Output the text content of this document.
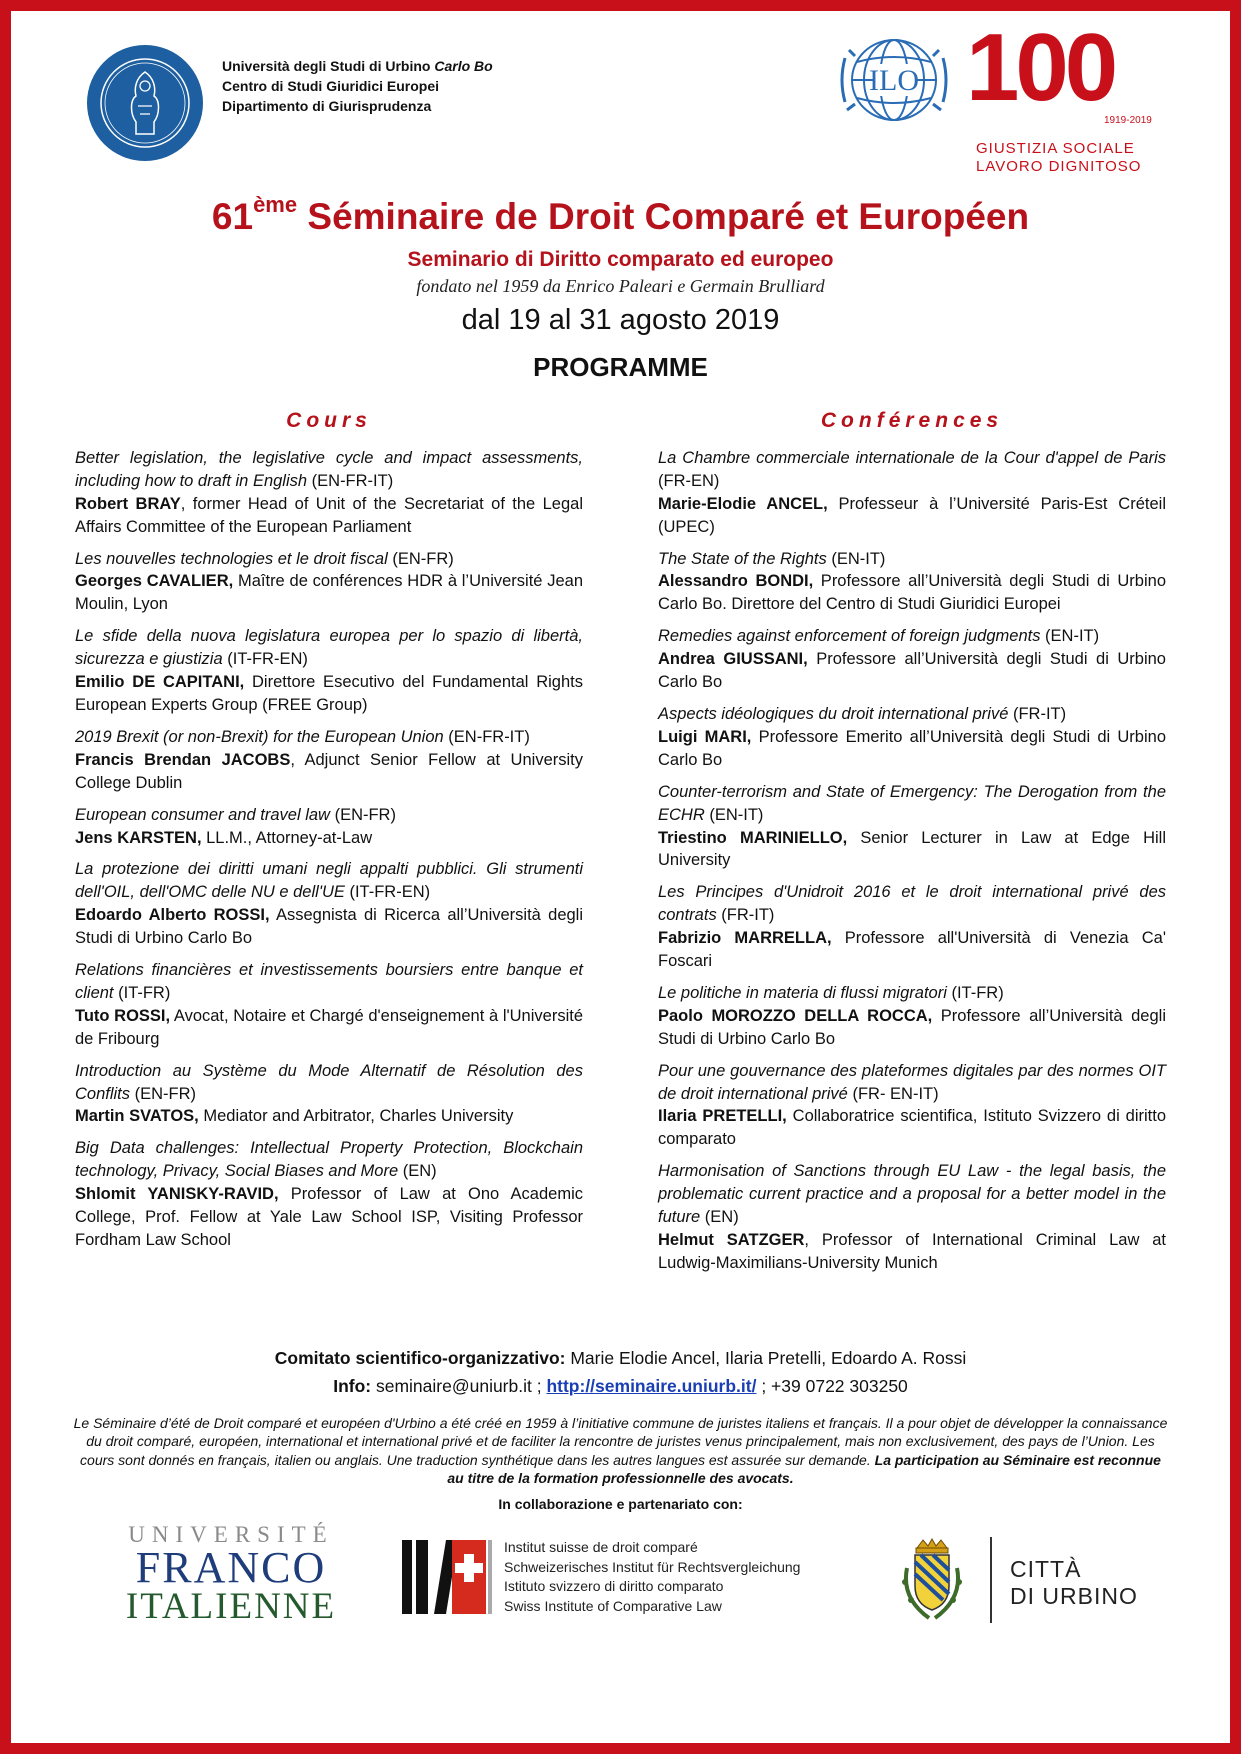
Università degli Studi di Urbino Carlo Bo
Centro di Studi Giuridici Europei
Dipartimento di Giurisprudenza
ILO 100
1919-2019
GIUSTIZIA SOCIALE
LAVORO DIGNITOSO
61ème Séminaire de Droit Comparé et Européen
Seminario di Diritto comparato ed europeo
fondato nel 1959 da Enrico Paleari e Germain Brulliard
dal 19 al 31 agosto 2019
PROGRAMME
Cours
Better legislation, the legislative cycle and impact assessments, including how to draft in English (EN-FR-IT)
Robert BRAY, former Head of Unit of the Secretariat of the Legal Affairs Committee of the European Parliament
Les nouvelles technologies et le droit fiscal (EN-FR)
Georges CAVALIER, Maître de conférences HDR à l’Université Jean Moulin, Lyon
Le sfide della nuova legislatura europea per lo spazio di libertà, sicurezza e giustizia (IT-FR-EN)
Emilio DE CAPITANI, Direttore Esecutivo del Fundamental Rights European Experts Group (FREE Group)
2019 Brexit (or non-Brexit) for the European Union (EN-FR-IT)
Francis Brendan JACOBS, Adjunct Senior Fellow at University College Dublin
European consumer and travel law (EN-FR)
Jens KARSTEN, LL.M., Attorney-at-Law
La protezione dei diritti umani negli appalti pubblici. Gli strumenti dell'OIL, dell'OMC delle NU e dell'UE (IT-FR-EN)
Edoardo Alberto ROSSI, Assegnista di Ricerca all’Università degli Studi di Urbino Carlo Bo
Relations financières et investissements boursiers entre banque et client (IT-FR)
Tuto ROSSI, Avocat, Notaire et Chargé d'enseignement à l'Université de Fribourg
Introduction au Système du Mode Alternatif de Résolution des Conflits (EN-FR)
Martin SVATOS, Mediator and Arbitrator, Charles University
Big Data challenges: Intellectual Property Protection, Blockchain technology, Privacy, Social Biases and More (EN)
Shlomit YANISKY-RAVID, Professor of Law at Ono Academic College, Prof. Fellow at Yale Law School ISP, Visiting Professor Fordham Law School
Conférences
La Chambre commerciale internationale de la Cour d'appel de Paris (FR-EN)
Marie-Elodie ANCEL, Professeur à l’Université Paris-Est Créteil (UPEC)
The State of the Rights (EN-IT)
Alessandro BONDI, Professore all’Università degli Studi di Urbino Carlo Bo. Direttore del Centro di Studi Giuridici Europei
Remedies against enforcement of foreign judgments (EN-IT)
Andrea GIUSSANI, Professore all’Università degli Studi di Urbino Carlo Bo
Aspects idéologiques du droit international privé (FR-IT)
Luigi MARI, Professore Emerito all’Università degli Studi di Urbino Carlo Bo
Counter-terrorism and State of Emergency: The Derogation from the ECHR (EN-IT)
Triestino MARINIELLO, Senior Lecturer in Law at Edge Hill University
Les Principes d'Unidroit 2016 et le droit international privé des contrats (FR-IT)
Fabrizio MARRELLA, Professore all'Università di Venezia Ca' Foscari
Le politiche in materia di flussi migratori (IT-FR)
Paolo MOROZZO DELLA ROCCA, Professore all’Università degli Studi di Urbino Carlo Bo
Pour une gouvernance des plateformes digitales par des normes OIT de droit international privé (FR- EN-IT)
Ilaria PRETELLI, Collaboratrice scientifica, Istituto Svizzero di diritto comparato
Harmonisation of Sanctions through EU Law - the legal basis, the problematic current practice and a proposal for a better model in the future (EN)
Helmut SATZGER, Professor of International Criminal Law at Ludwig-Maximilians-University Munich
Comitato scientifico-organizzativo: Marie Elodie Ancel, Ilaria Pretelli, Edoardo A. Rossi
Info: seminaire@uniurb.it ; http://seminaire.uniurb.it/ ; +39 0722 303250
Le Séminaire d’été de Droit comparé et européen d'Urbino a été créé en 1959 à l’initiative commune de juristes italiens et français. Il a pour objet de développer la connaissance du droit comparé, européen, international et international privé et de faciliter la rencontre de juristes venus principalement, mais non exclusivement, des pays de l’Union. Les cours sont donnés en français, italien ou anglais. Une traduction synthétique dans les autres langues est assurée sur demande. La participation au Séminaire est reconnue au titre de la formation professionnelle des avocats.
In collaborazione e partenariato con:
UNIVERSITÉ
FRANCO
ITALIENNE
Institut suisse de droit comparé
Schweizerisches Institut für Rechtsvergleichung
Istituto svizzero di diritto comparato
Swiss Institute of Comparative Law
CITTÀ
DI URBINO
